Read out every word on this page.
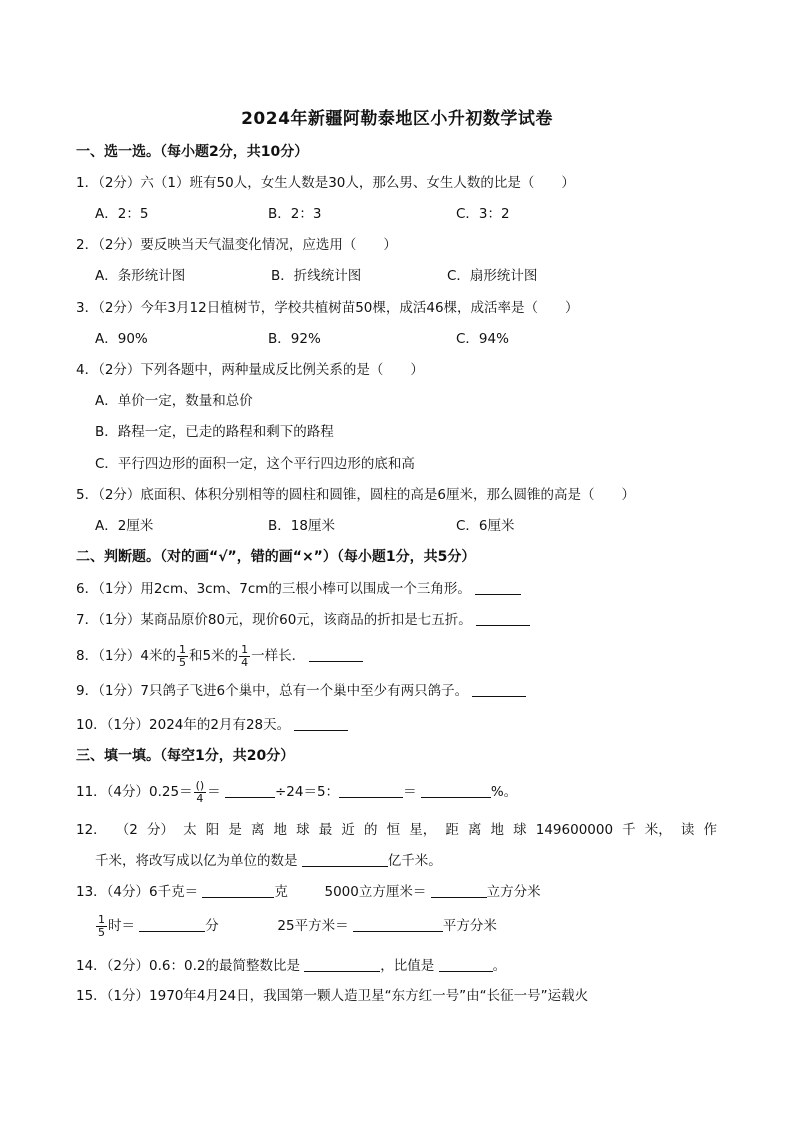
2024年新疆阿勒泰地区小升初数学试卷
一、选一选。（每小题2分，共10分）
1．（2分）六（1）班有50人，女生人数是30人，那么男、女生人数的比是（　　）
A．2：5	B．2：3	C．3：2
2．（2分）要反映当天气温变化情况，应选用（　　）
A．条形统计图	B．折线统计图	C．扇形统计图
3．（2分）今年3月12日植树节，学校共植树苗50棵，成活46棵，成活率是（　　）
A．90%	B．92%	C．94%
4．（2分）下列各题中，两种量成反比例关系的是（　　）
A．单价一定，数量和总价
B．路程一定，已走的路程和剩下的路程
C．平行四边形的面积一定，这个平行四边形的底和高
5．（2分）底面积、体积分别相等的圆柱和圆锥，圆柱的高是6厘米，那么圆锥的高是（　　）
A．2厘米	B．18厘米	C．6厘米
二、判断题。（对的画“√”，错的画“×”）（每小题1分，共5分）
6．（1分）用2cm、3cm、7cm的三根小棒可以围成一个三角形。
7．（1分）某商品原价80元，现价60元，该商品的折扣是七五折。
8．（1分）4米的 $\frac{1}{5}$ 和5米的 $\frac{1}{4}$ 一样长．
9．（1分）7只鸽子飞进6个巢中，总有一个巢中至少有两只鸽子。
10．（1分）2024年的2月有28天。
三、填一填。（每空1分，共20分）
11．（4分）$0.25= \frac{()}{4}$ ＝	÷24＝5：	＝	%。
12． （2 分） 太 阳 是 离 地 球 最 近 的 恒 星， 距 离 地 球 149600000 千 米， 读 作
千米，将改写成以亿为单位的数是	亿千米。
13．（4分）6千克＝	克	5000立方厘米＝	立方分米
$\frac{1}{5}$ 时＝	分	25平方米＝	平方分米
14．（2分）0.6：0.2的最简整数比是	，比值是	。
15．（1分）1970年4月24日，我国第一颗人造卫星“东方红一号”由“长征一号”运载火
